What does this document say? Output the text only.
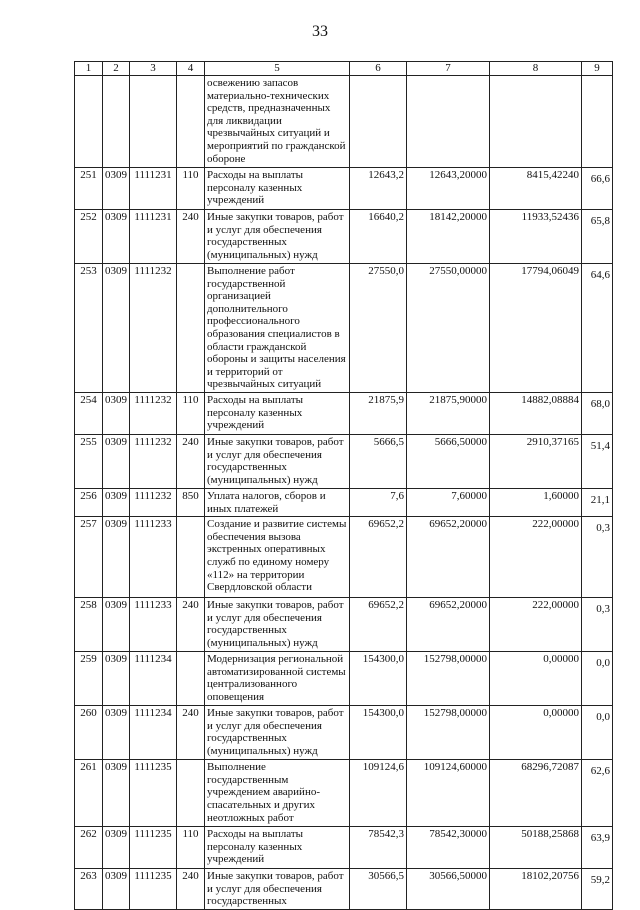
33
1	2	3	4	5	6	7	8	9
				освежению запасов материально-технических средств, предназначенных для ликвидации чрезвычайных ситуаций и мероприятий по гражданской обороне				

251	0309	1111231	110	Расходы на выплаты персоналу казенных учреждений	12643,2	12643,20000	8415,42240	66,6

252	0309	1111231	240	Иные закупки товаров, работ и услуг для обеспечения государственных (муниципальных) нужд	16640,2	18142,20000	11933,52436	65,8

253	0309	1111232		Выполнение работ государственной организацией дополнительного профессионального образования специалистов в области гражданской обороны и защиты населения и территорий от чрезвычайных ситуаций	27550,0	27550,00000	17794,06049	64,6

254	0309	1111232	110	Расходы на выплаты персоналу казенных учреждений	21875,9	21875,90000	14882,08884	68,0

255	0309	1111232	240	Иные закупки товаров, работ и услуг для обеспечения государственных (муниципальных) нужд	5666,5	5666,50000	2910,37165	51,4

256	0309	1111232	850	Уплата налогов, сборов и иных платежей	7,6	7,60000	1,60000	21,1

257	0309	1111233		Создание и развитие системы обеспечения вызова экстренных оперативных служб по единому номеру «112» на территории Свердловской области	69652,2	69652,20000	222,00000	0,3

258	0309	1111233	240	Иные закупки товаров, работ и услуг для обеспечения государственных (муниципальных) нужд	69652,2	69652,20000	222,00000	0,3

259	0309	1111234		Модернизация региональной автоматизированной системы централизованного оповещения	154300,0	152798,00000	0,00000	0,0

260	0309	1111234	240	Иные закупки товаров, работ и услуг для обеспечения государственных (муниципальных) нужд	154300,0	152798,00000	0,00000	0,0

261	0309	1111235		Выполнение государственным учреждением аварийно-спасательных и других неотложных работ	109124,6	109124,60000	68296,72087	62,6

262	0309	1111235	110	Расходы на выплаты персоналу казенных учреждений	78542,3	78542,30000	50188,25868	63,9

263	0309	1111235	240	Иные закупки товаров, работ и услуг для обеспечения государственных	30566,5	30566,50000	18102,20756	59,2
